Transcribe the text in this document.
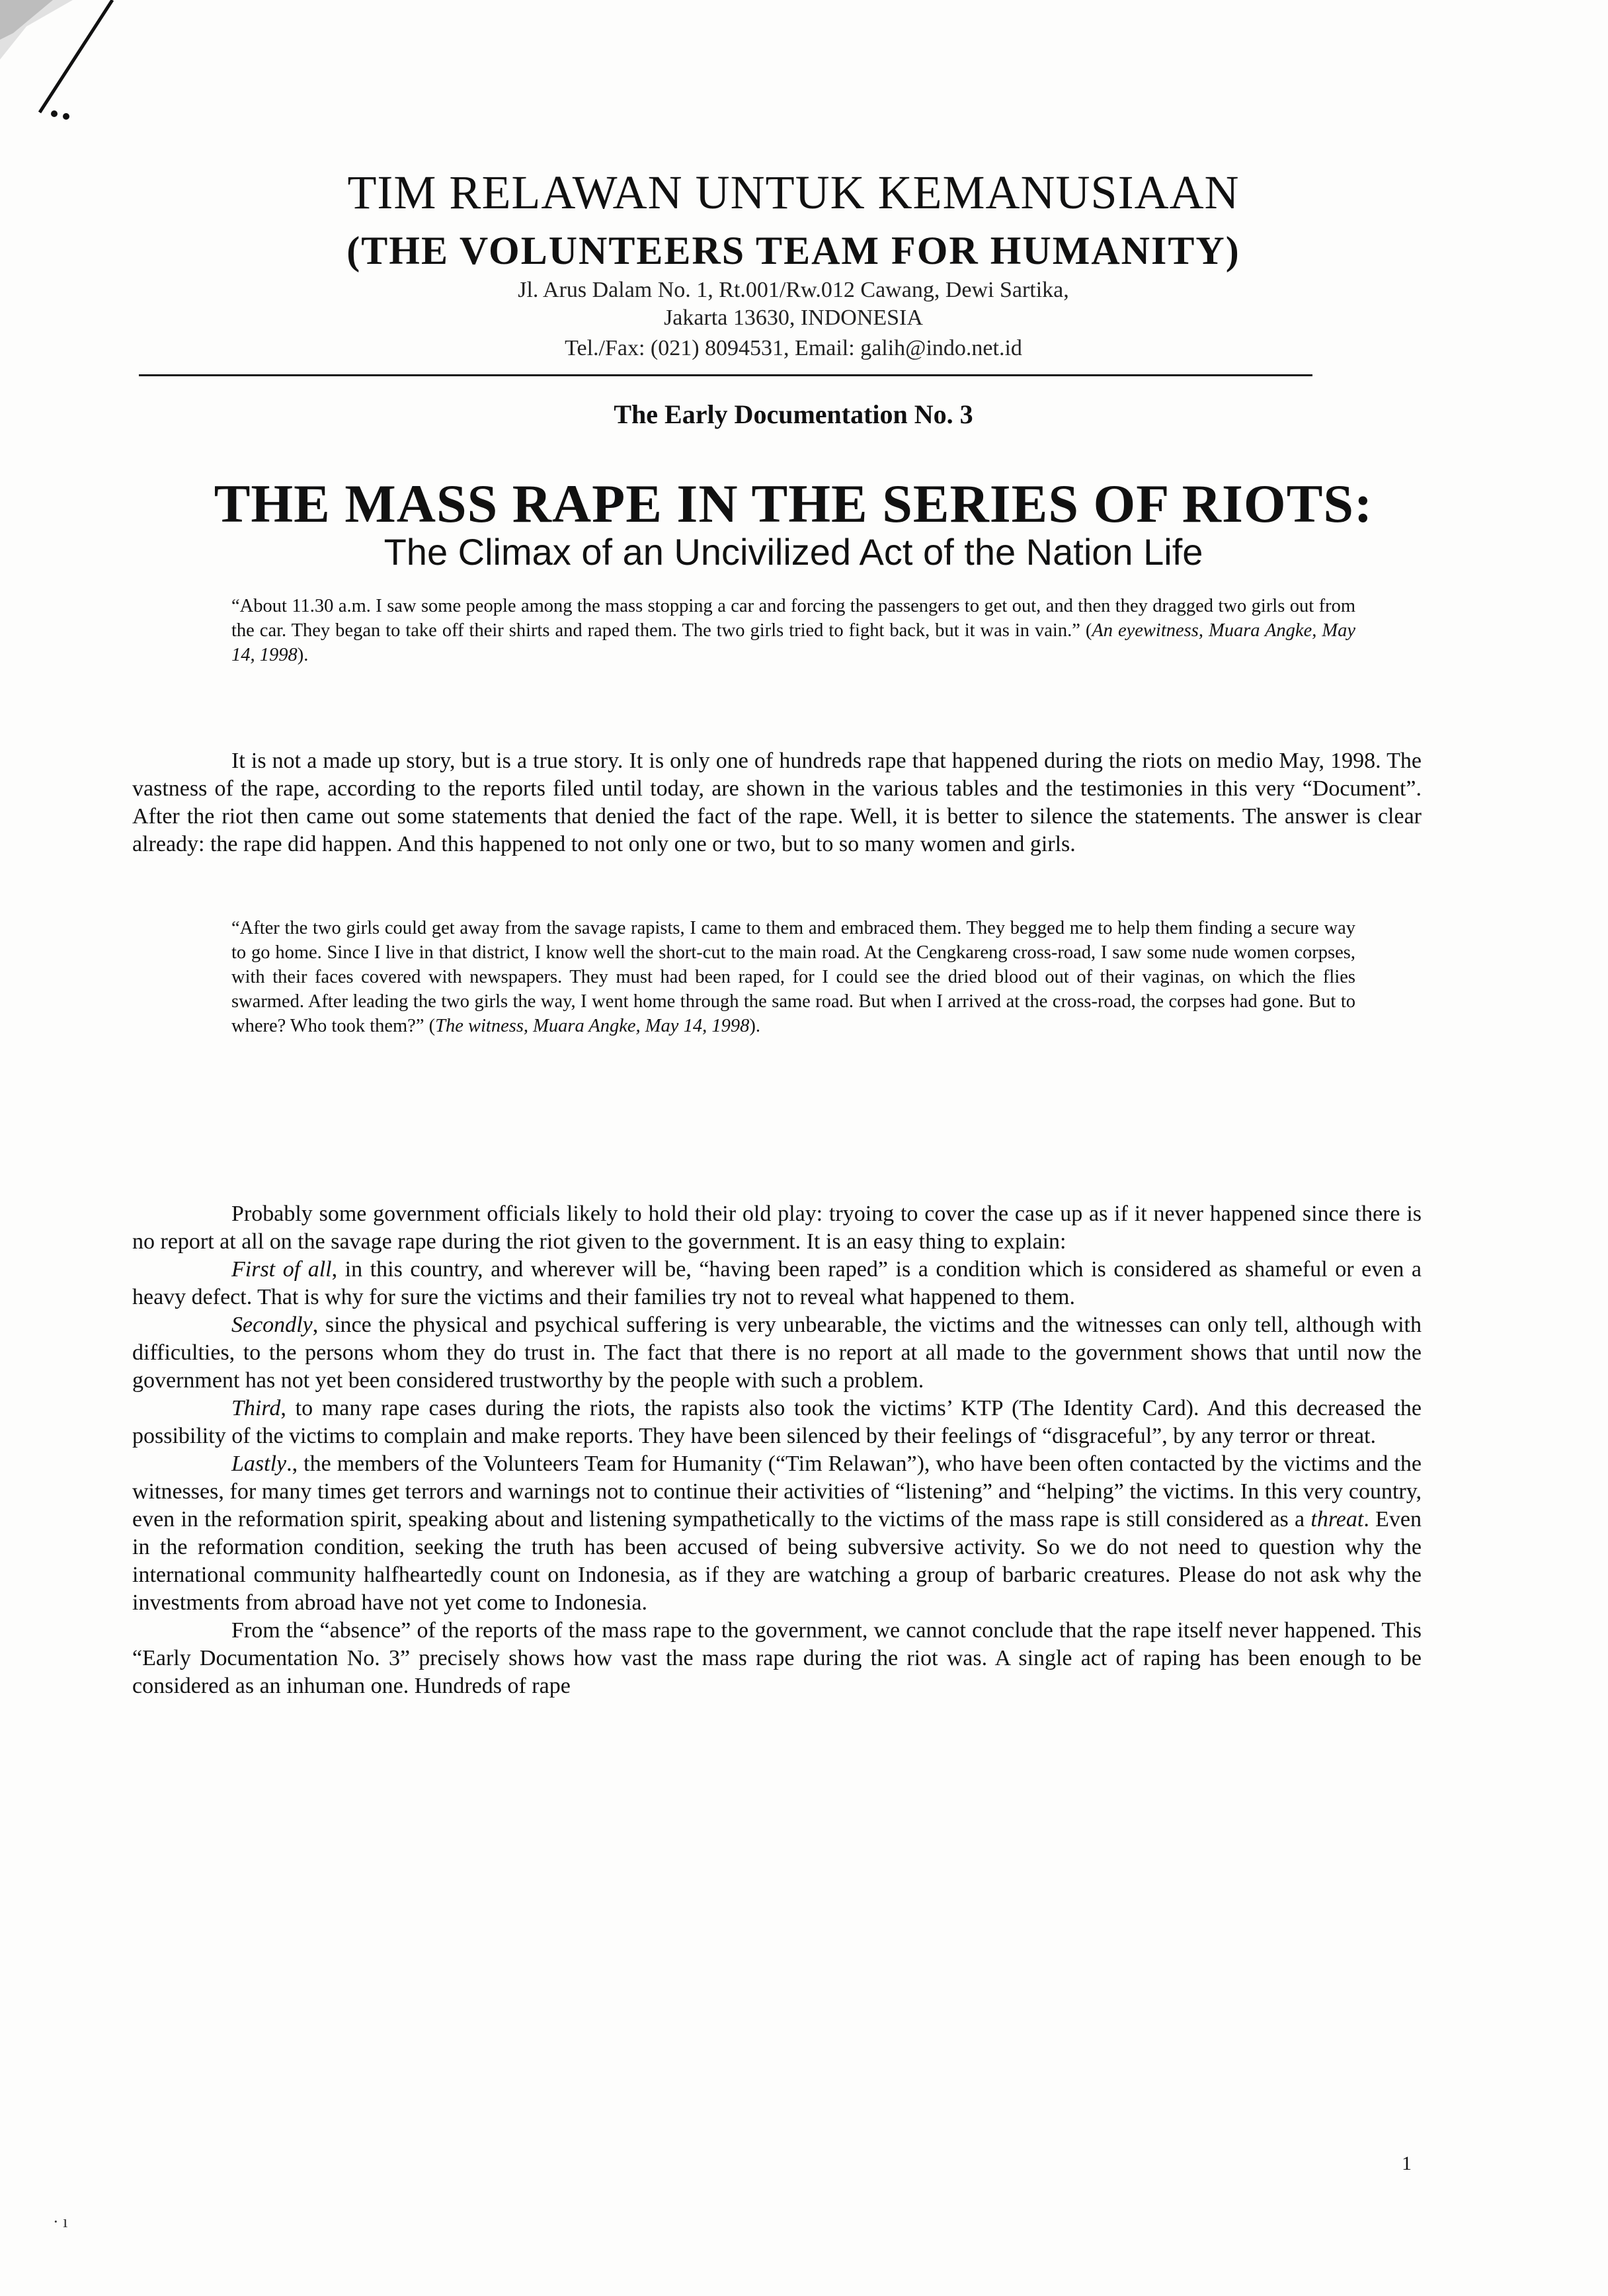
TIM RELAWAN UNTUK KEMANUSIAAN
(THE VOLUNTEERS TEAM FOR HUMANITY)
Jl. Arus Dalam No. 1, Rt.001/Rw.012 Cawang, Dewi Sartika,
Jakarta 13630, INDONESIA
Tel./Fax: (021) 8094531, Email: galih@indo.net.id
The Early Documentation No. 3
THE MASS RAPE IN THE SERIES OF RIOTS:
The Climax of an Uncivilized Act of the Nation Life
“About 11.30 a.m. I saw some people among the mass stopping a car and forcing the passengers to get out, and then they dragged two girls out from the car. They began to take off their shirts and raped them. The two girls tried to fight back, but it was in vain.” (An eyewitness, Muara Angke, May 14, 1998).

It is not a made up story, but is a true story. It is only one of hundreds rape that happened during the riots on medio May, 1998. The vastness of the rape, according to the reports filed until today, are shown in the various tables and the testimonies in this very “Document”. After the riot then came out some statements that denied the fact of the rape. Well, it is better to silence the statements. The answer is clear already: the rape did happen. And this happened to not only one or two, but to so many women and girls.

“After the two girls could get away from the savage rapists, I came to them and embraced them. They begged me to help them finding a secure way to go home. Since I live in that district, I know well the short-cut to the main road. At the Cengkareng cross-road, I saw some nude women corpses, with their faces covered with newspapers. They must had been raped, for I could see the dried blood out of their vaginas, on which the flies swarmed. After leading the two girls the way, I went home through the same road. But when I arrived at the cross-road, the corpses had gone. But to where? Who took them?” (The witness, Muara Angke, May 14, 1998).

Probably some government officials likely to hold their old play: tryoing to cover the case up as if it never happened since there is no report at all on the savage rape during the riot given to the government. It is an easy thing to explain:

First of all, in this country, and wherever will be, “having been raped” is a condition which is considered as shameful or even a heavy defect. That is why for sure the victims and their families try not to reveal what happened to them.

Secondly, since the physical and psychical suffering is very unbearable, the victims and the witnesses can only tell, although with difficulties, to the persons whom they do trust in. The fact that there is no report at all made to the government shows that until now the government has not yet been considered trustworthy by the people with such a problem.

Third, to many rape cases during the riots, the rapists also took the victims’ KTP (The Identity Card). And this decreased the possibility of the victims to complain and make reports. They have been silenced by their feelings of “disgraceful”, by any terror or threat.

Lastly., the members of the Volunteers Team for Humanity (“Tim Relawan”), who have been often contacted by the victims and the witnesses, for many times get terrors and warnings not to continue their activities of “listening” and “helping” the victims. In this very country, even in the reformation spirit, speaking about and listening sympathetically to the victims of the mass rape is still considered as a threat. Even in the reformation condition, seeking the truth has been accused of being subversive activity. So we do not need to question why the international community halfheartedly count on Indonesia, as if they are watching a group of barbaric creatures. Please do not ask why the investments from abroad have not yet come to Indonesia.

From the “absence” of the reports of the mass rape to the government, we cannot conclude that the rape itself never happened. This “Early Documentation No. 3” precisely shows how vast the mass rape during the riot was. A single act of raping has been enough to be considered as an inhuman one. Hundreds of rape

1
· ı
